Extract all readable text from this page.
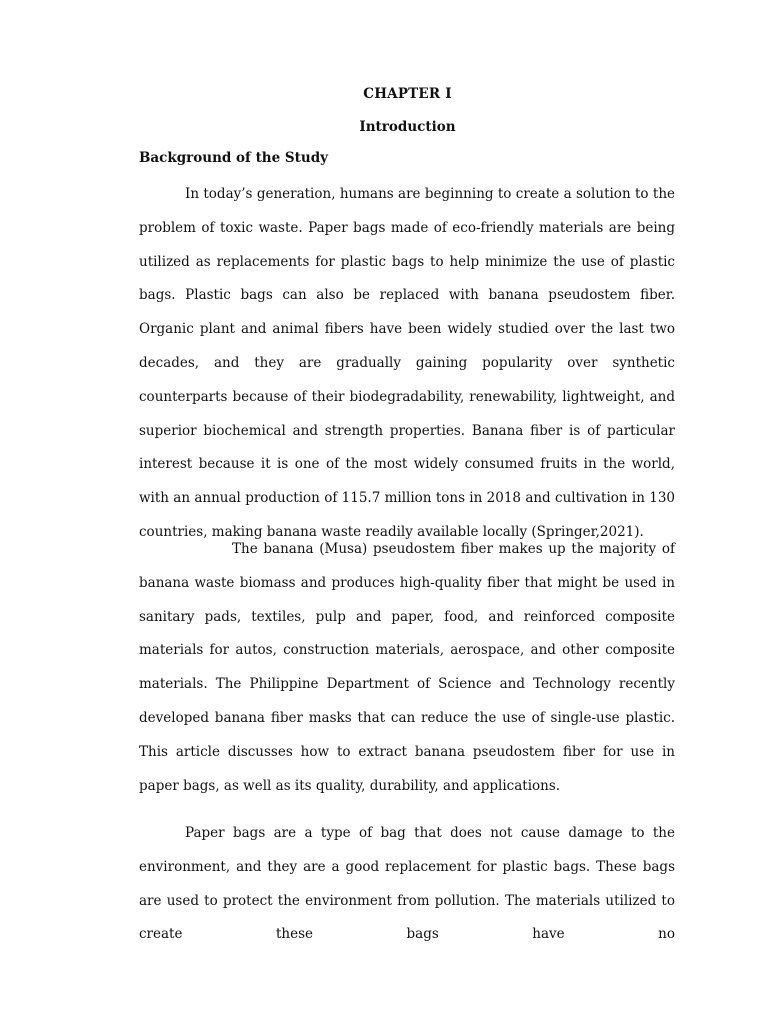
CHAPTER I
Introduction
Background of the Study

In today’s generation, humans are beginning to create a solution to the problem of toxic waste. Paper bags made of eco-friendly materials are being utilized as replacements for plastic bags to help minimize the use of plastic bags. Plastic bags can also be replaced with banana pseudostem fiber. Organic plant and animal fibers have been widely studied over the last two decades, and they are gradually gaining popularity over synthetic counterparts because of their biodegradability, renewability, lightweight, and superior biochemical and strength properties. Banana fiber is of particular interest because it is one of the most widely consumed fruits in the world, with an annual production of 115.7 million tons in 2018 and cultivation in 130 countries, making banana waste readily available locally (Springer,2021).

The banana (Musa) pseudostem fiber makes up the majority of banana waste biomass and produces high-quality fiber that might be used in sanitary pads, textiles, pulp and paper, food, and reinforced composite materials for autos, construction materials, aerospace, and other composite materials. The Philippine Department of Science and Technology recently developed banana fiber masks that can reduce the use of single-use plastic. This article discusses how to extract banana pseudostem fiber for use in paper bags, as well as its quality, durability, and applications.

Paper bags are a type of bag that does not cause damage to the environment, and they are a good replacement for plastic bags. These bags are used to protect the environment from pollution. The materials utilized to create these bags have no
